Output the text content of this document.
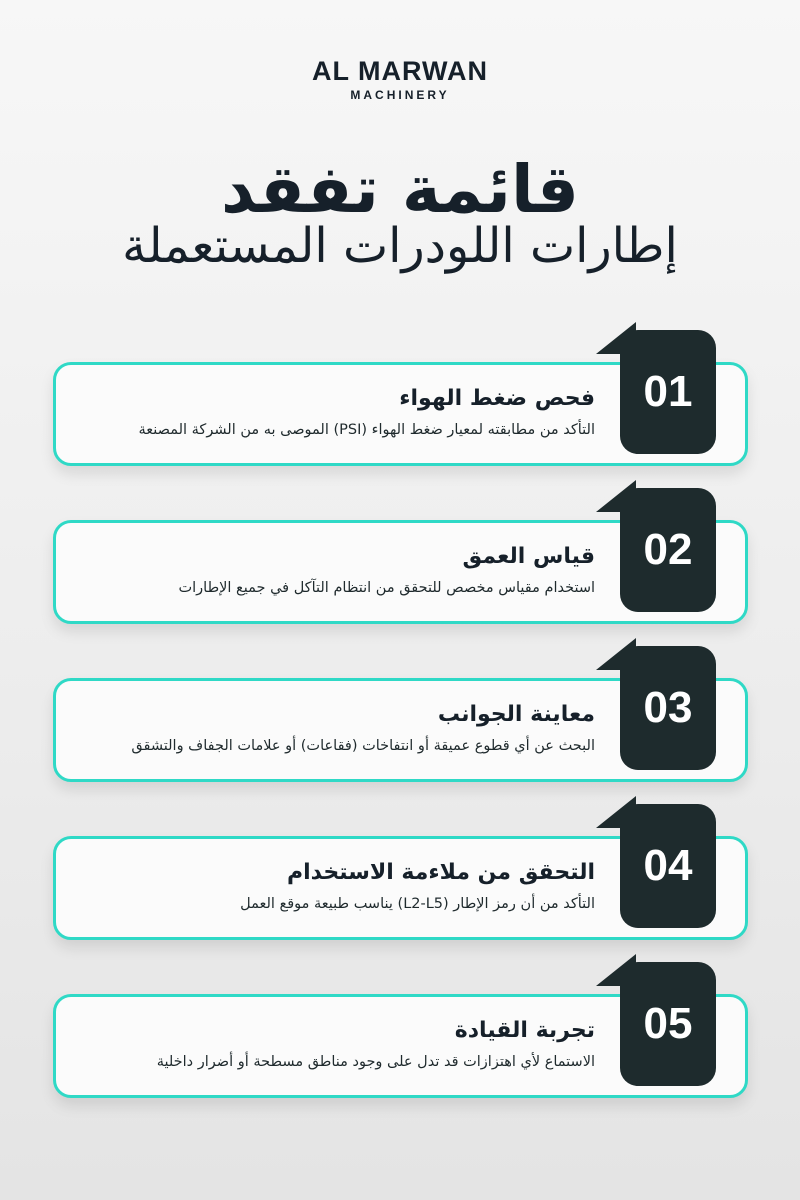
AL MARWAN
MACHINERY
قائمة تفقد
إطارات اللودرات المستعملة
فحص ضغط الهواء
التأكد من مطابقته لمعيار ضغط الهواء (PSI) الموصى به من الشركة المصنعة
01
قياس العمق
استخدام مقياس مخصص للتحقق من انتظام التآكل في جميع الإطارات
02
معاينة الجوانب
البحث عن أي قطوع عميقة أو انتفاخات (فقاعات) أو علامات الجفاف والتشقق
03
التحقق من ملاءمة الاستخدام
التأكد من أن رمز الإطار (L2-L5) يناسب طبيعة موقع العمل
04
تجربة القيادة
الاستماع لأي اهتزازات قد تدل على وجود مناطق مسطحة أو أضرار داخلية
05
